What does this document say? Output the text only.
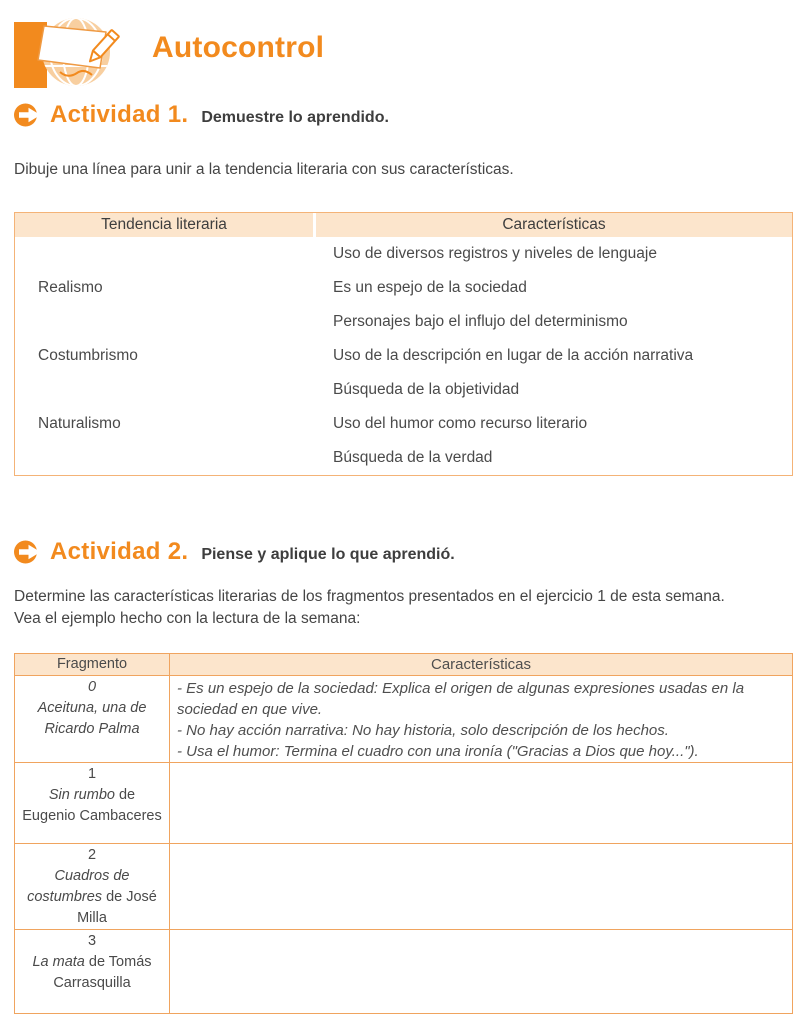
Autocontrol
Actividad 1. Demuestre lo aprendido.

Dibuje una línea para unir a la tendencia literaria con sus características.

Tendencia literaria	Características
Realismo
Costumbrismo
Naturalismo
Uso de diversos registros y niveles de lenguaje
Es un espejo de la sociedad
Personajes bajo el influjo del determinismo
Uso de la descripción en lugar de la acción narrativa
Búsqueda de la objetividad
Uso del humor como recurso literario
Búsqueda de la verdad
Actividad 2. Piense y aplique lo que aprendió.
Determine las características literarias de los fragmentos presentados en el ejercicio 1 de esta semana.
Vea el ejemplo hecho con la lectura de la semana:
Fragmento	Características
0
Aceituna, una de
Ricardo Palma
- Es un espejo de la sociedad: Explica el origen de algunas expresiones usadas en la sociedad en que vive.
- No hay acción narrativa: No hay historia, solo descripción de los hechos.
- Usa el humor: Termina el cuadro con una ironía ("Gracias a Dios que hoy...").
1
Sin rumbo de
Eugenio Cambaceres
2
Cuadros de
costumbres de José
Milla
3
La mata de Tomás
Carrasquilla
